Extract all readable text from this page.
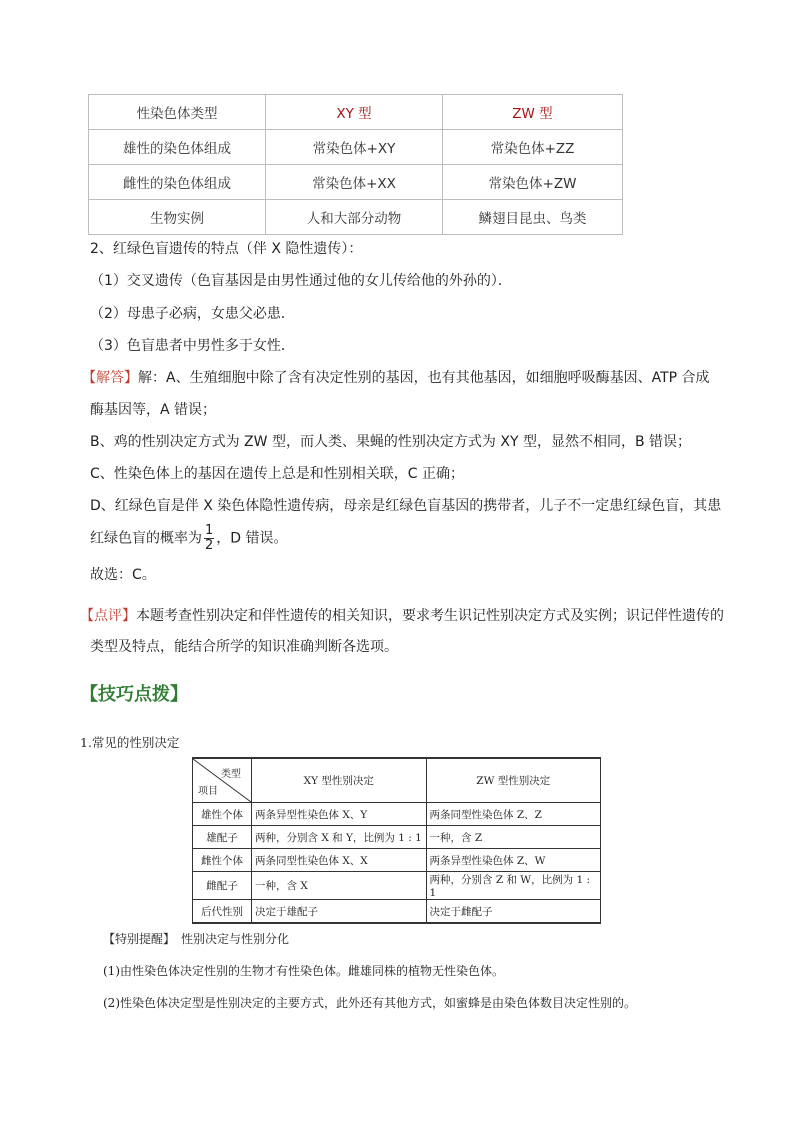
性染色体类型	XY 型	ZW 型
雄性的染色体组成	常染色体+XY	常染色体+ZZ
雌性的染色体组成	常染色体+XX	常染色体+ZW
生物实例	人和大部分动物	鳞翅目昆虫、鸟类
2、红绿色盲遗传的特点（伴 X 隐性遗传）：
（1）交叉遗传（色盲基因是由男性通过他的女儿传给他的外孙的）．
（2）母患子必病，女患父必患．
（3）色盲患者中男性多于女性．
【解答】解：A、生殖细胞中除了含有决定性别的基因，也有其他基因，如细胞呼吸酶基因、ATP 合成
酶基因等，A 错误；
B、鸡的性别决定方式为 ZW 型，而人类、果蝇的性别决定方式为 XY 型，显然不相同，B 错误；
C、性染色体上的基因在遗传上总是和性别相关联，C 正确；
D、红绿色盲是伴 X 染色体隐性遗传病，母亲是红绿色盲基因的携带者，儿子不一定患红绿色盲，其患
红绿色盲的概率为 $\frac{1}{2}$ ，D 错误。
故选：C。
【点评】本题考查性别决定和伴性遗传的相关知识，要求考生识记性别决定方式及实例；识记伴性遗传的
类型及特点，能结合所学的知识准确判断各选项。
【技巧点拨】
1.常见的性别决定
类型
项目	XY 型性别决定	ZW 型性别决定
雄性个体	两条异型性染色体 X、Y	两条同型性染色体 Z、Z
雄配子	两种，分别含 X 和 Y，比例为 1 : 1	一种，含 Z
雌性个体	两条同型性染色体 X、X	两条异型性染色体 Z、W
雌配子	一种，含 X	两种，分别含 Z 和 W，比例为 1 : 1
后代性别	决定于雄配子	决定于雌配子
【特别提醒】　性别决定与性别分化
(1)由性染色体决定性别的生物才有性染色体。雌雄同株的植物无性染色体。
(2)性染色体决定型是性别决定的主要方式，此外还有其他方式，如蜜蜂是由染色体数目决定性别的。
